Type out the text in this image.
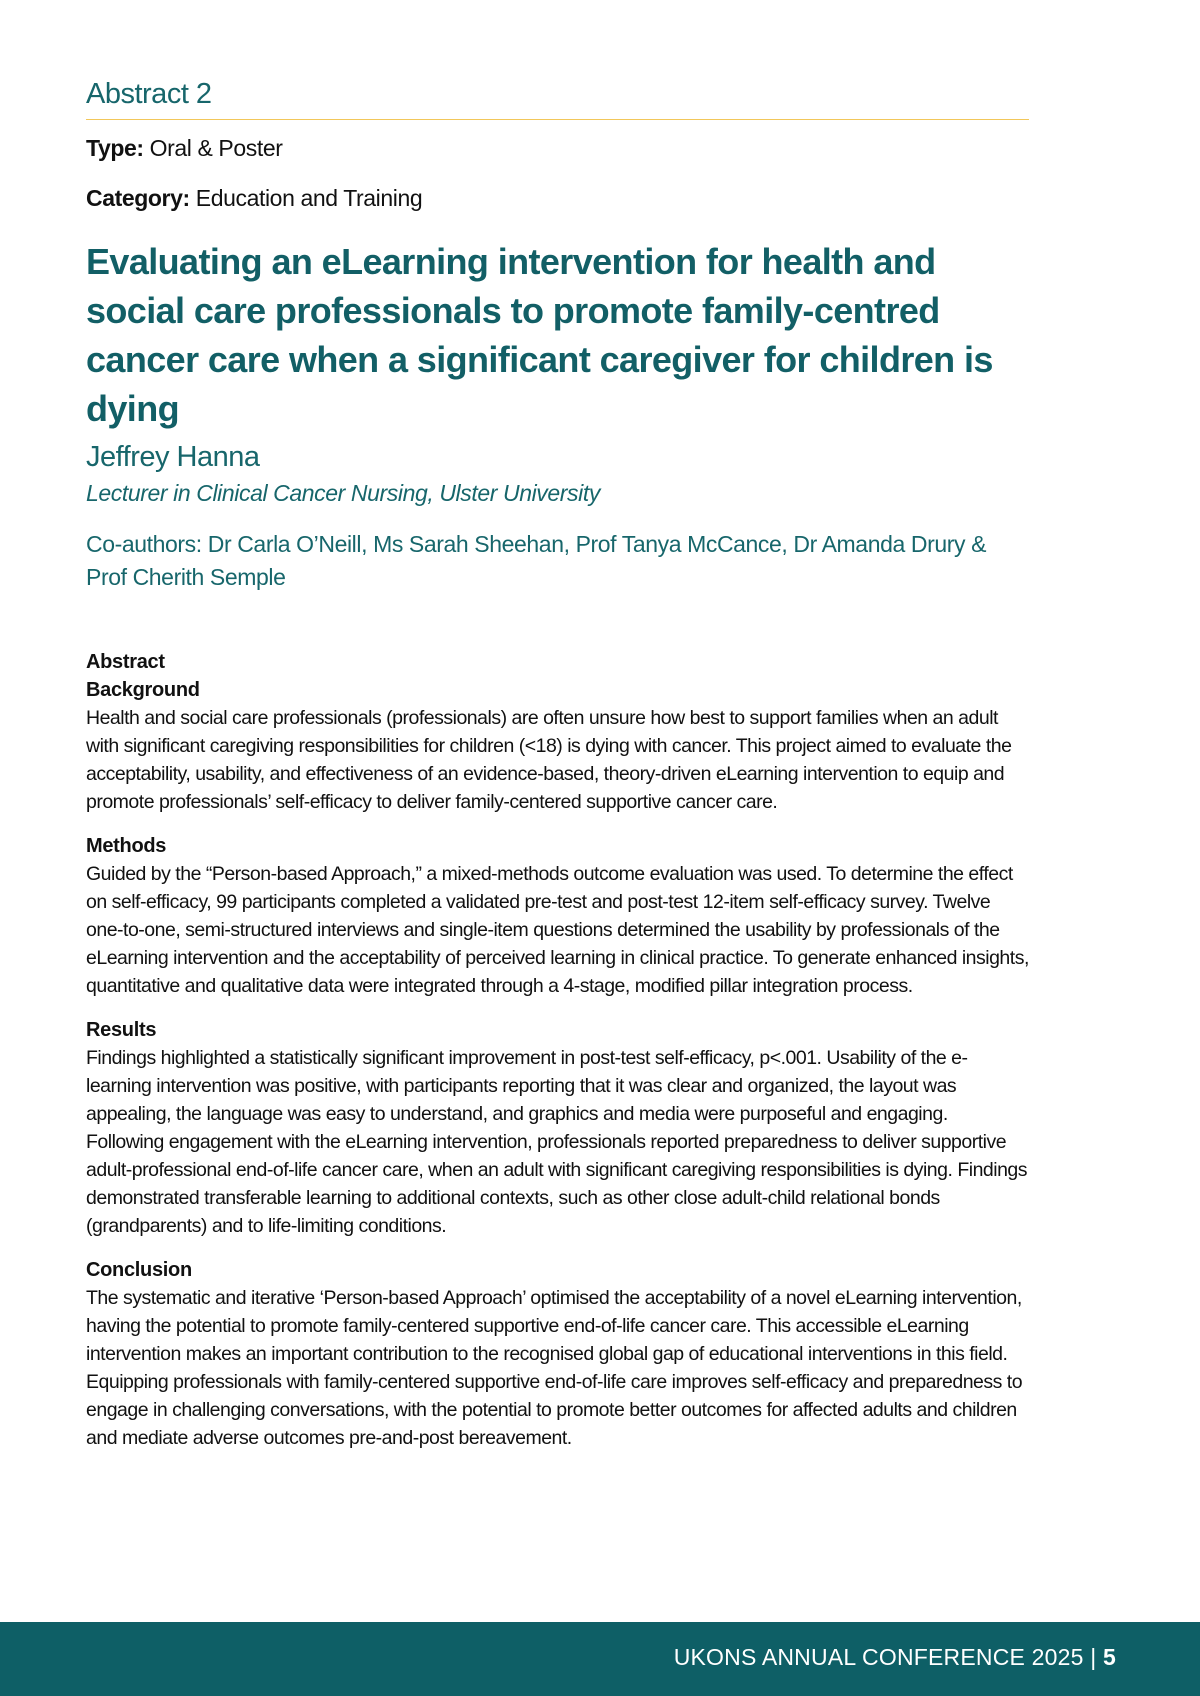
Abstract 2
Type: Oral & Poster
Category: Education and Training
Evaluating an eLearning intervention for health and social care professionals to promote family-centred cancer care when a significant caregiver for children is dying
Jeffrey Hanna
Lecturer in Clinical Cancer Nursing, Ulster University
Co-authors: Dr Carla O’Neill, Ms Sarah Sheehan, Prof Tanya McCance, Dr Amanda Drury & Prof Cherith Semple
Abstract
Background

Health and social care professionals (professionals) are often unsure how best to support families when an adult with significant caregiving responsibilities for children (<18) is dying with cancer. This project aimed to evaluate the acceptability, usability, and effectiveness of an evidence-based, theory-driven eLearning intervention to equip and promote professionals’ self-efficacy to deliver family-centered supportive cancer care.

Methods

Guided by the “Person-based Approach,” a mixed-methods outcome evaluation was used. To determine the effect on self-efficacy, 99 participants completed a validated pre-test and post-test 12-item self-efficacy survey. Twelve one-to-one, semi-structured interviews and single-item questions determined the usability by professionals of the eLearning intervention and the acceptability of perceived learning in clinical practice. To generate enhanced insights, quantitative and qualitative data were integrated through a 4-stage, modified pillar integration process.

Results

Findings highlighted a statistically significant improvement in post-test self-efficacy, p<.001. Usability of the e-learning intervention was positive, with participants reporting that it was clear and organized, the layout was appealing, the language was easy to understand, and graphics and media were purposeful and engaging. Following engagement with the eLearning intervention, professionals reported preparedness to deliver supportive adult-professional end-of-life cancer care, when an adult with significant caregiving responsibilities is dying. Findings demonstrated transferable learning to additional contexts, such as other close adult-child relational bonds (grandparents) and to life-limiting conditions.

Conclusion

The systematic and iterative ‘Person-based Approach’ optimised the acceptability of a novel eLearning intervention, having the potential to promote family-centered supportive end-of-life cancer care. This accessible eLearning intervention makes an important contribution to the recognised global gap of educational interventions in this field. Equipping professionals with family-centered supportive end-of-life care improves self-efficacy and preparedness to engage in challenging conversations, with the potential to promote better outcomes for affected adults and children and mediate adverse outcomes pre-and-post bereavement.

UKONS ANNUAL CONFERENCE 2025 | 5
